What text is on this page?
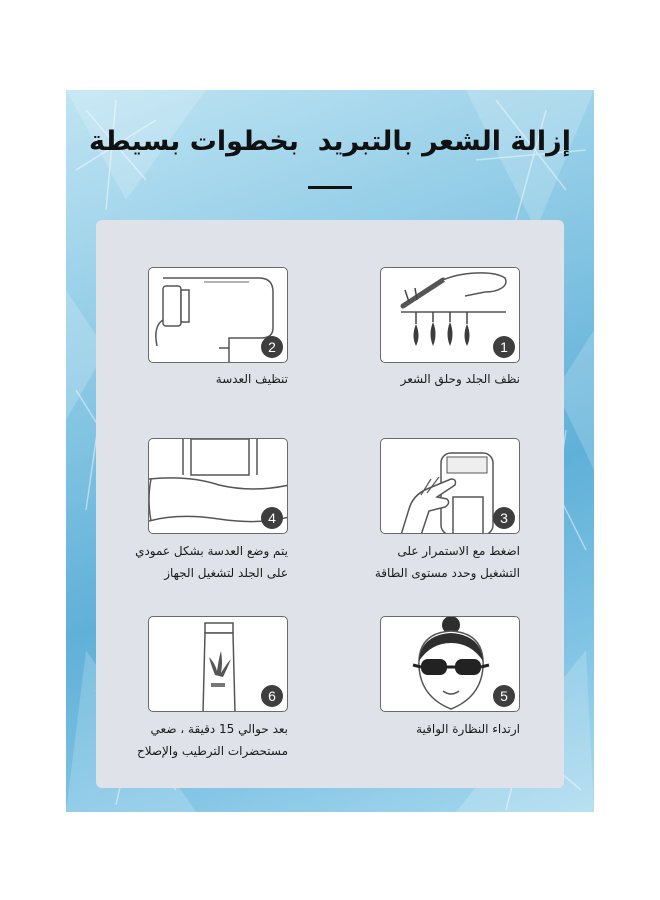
إزالة الشعر بالتبريد  بخطوات بسيطة
1
نظف الجلد وحلق الشعر
2
تنظيف العدسة
3
اضغط مع الاستمرار على
التشغيل وحدد مستوى الطاقة
4
يتم وضع العدسة بشكل عمودي
على الجلد لتشغيل الجهاز
5
ارتداء النظارة الواقية
6
بعد حوالي 15 دقيقة ، ضعي
مستحضرات الترطيب والإصلاح
